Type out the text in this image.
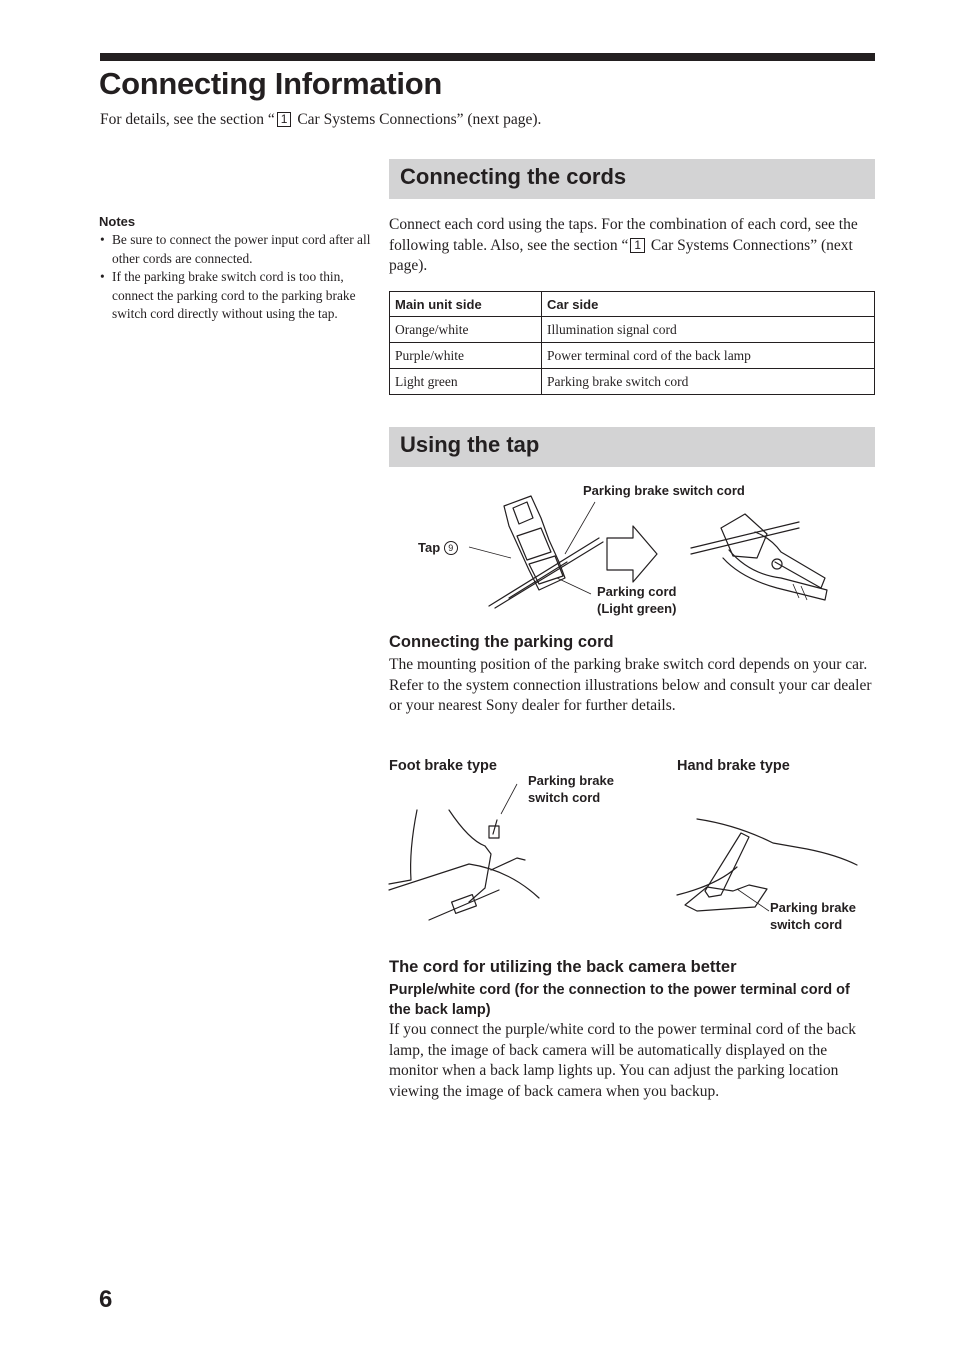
Connecting Information
For details, see the section “ 1 Car Systems Connections” (next page).
Notes
• Be sure to connect the power input cord after all other cords are connected.
• If the parking brake switch cord is too thin, connect the parking cord to the parking brake switch cord directly without using the tap.
Connecting the cords
Connect each cord using the taps. For the combination of each cord, see the following table. Also, see the section “ 1 Car Systems Connections” (next page).
Main unit side	Car side
Orange/white	Illumination signal cord
Purple/white	Power terminal cord of the back lamp
Light green	Parking brake switch cord
Using the tap
Parking brake switch cord
Tap 9
Parking cord
(Light green)
Connecting the parking cord
The mounting position of the parking brake switch cord depends on your car. Refer to the system connection illustrations below and consult your car dealer or your nearest Sony dealer for further details.
Foot brake type	Hand brake type
Parking brake
switch cord
Parking brake
switch cord
The cord for utilizing the back camera better
Purple/white cord (for the connection to the power terminal cord of the back lamp)
If you connect the purple/white cord to the power terminal cord of the back lamp, the image of back camera will be automatically displayed on the monitor when a back lamp lights up. You can adjust the parking location viewing the image of back camera when you backup.
6
